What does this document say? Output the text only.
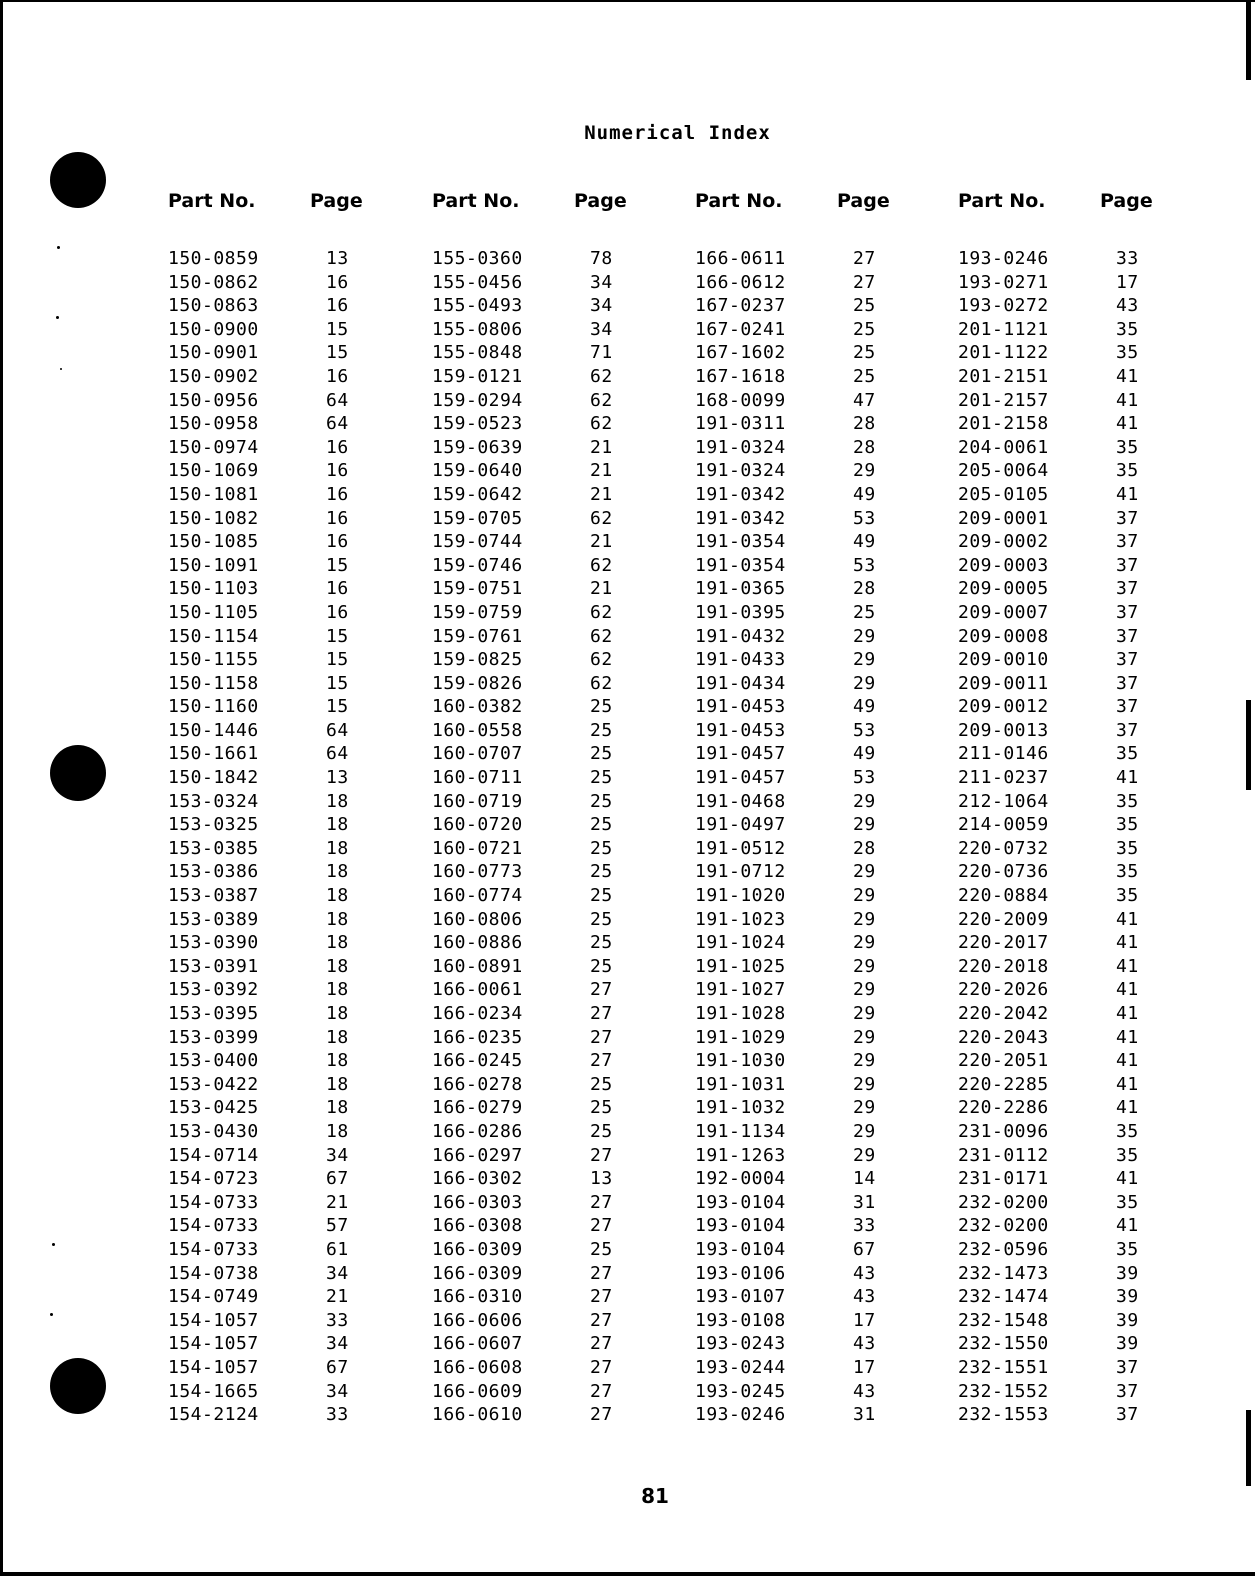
Numerical Index
Part No.	Page
150-0859	13
150-0862	16
150-0863	16
150-0900	15
150-0901	15
150-0902	16
150-0956	64
150-0958	64
150-0974	16
150-1069	16
150-1081	16
150-1082	16
150-1085	16
150-1091	15
150-1103	16
150-1105	16
150-1154	15
150-1155	15
150-1158	15
150-1160	15
150-1446	64
150-1661	64
150-1842	13
153-0324	18
153-0325	18
153-0385	18
153-0386	18
153-0387	18
153-0389	18
153-0390	18
153-0391	18
153-0392	18
153-0395	18
153-0399	18
153-0400	18
153-0422	18
153-0425	18
153-0430	18
154-0714	34
154-0723	67
154-0733	21
154-0733	57
154-0733	61
154-0738	34
154-0749	21
154-1057	33
154-1057	34
154-1057	67
154-1665	34
154-2124	33
Part No.	Page
155-0360	78
155-0456	34
155-0493	34
155-0806	34
155-0848	71
159-0121	62
159-0294	62
159-0523	62
159-0639	21
159-0640	21
159-0642	21
159-0705	62
159-0744	21
159-0746	62
159-0751	21
159-0759	62
159-0761	62
159-0825	62
159-0826	62
160-0382	25
160-0558	25
160-0707	25
160-0711	25
160-0719	25
160-0720	25
160-0721	25
160-0773	25
160-0774	25
160-0806	25
160-0886	25
160-0891	25
166-0061	27
166-0234	27
166-0235	27
166-0245	27
166-0278	25
166-0279	25
166-0286	25
166-0297	27
166-0302	13
166-0303	27
166-0308	27
166-0309	25
166-0309	27
166-0310	27
166-0606	27
166-0607	27
166-0608	27
166-0609	27
166-0610	27
Part No.	Page
166-0611	27
166-0612	27
167-0237	25
167-0241	25
167-1602	25
167-1618	25
168-0099	47
191-0311	28
191-0324	28
191-0324	29
191-0342	49
191-0342	53
191-0354	49
191-0354	53
191-0365	28
191-0395	25
191-0432	29
191-0433	29
191-0434	29
191-0453	49
191-0453	53
191-0457	49
191-0457	53
191-0468	29
191-0497	29
191-0512	28
191-0712	29
191-1020	29
191-1023	29
191-1024	29
191-1025	29
191-1027	29
191-1028	29
191-1029	29
191-1030	29
191-1031	29
191-1032	29
191-1134	29
191-1263	29
192-0004	14
193-0104	31
193-0104	33
193-0104	67
193-0106	43
193-0107	43
193-0108	17
193-0243	43
193-0244	17
193-0245	43
193-0246	31
Part No.	Page
193-0246	33
193-0271	17
193-0272	43
201-1121	35
201-1122	35
201-2151	41
201-2157	41
201-2158	41
204-0061	35
205-0064	35
205-0105	41
209-0001	37
209-0002	37
209-0003	37
209-0005	37
209-0007	37
209-0008	37
209-0010	37
209-0011	37
209-0012	37
209-0013	37
211-0146	35
211-0237	41
212-1064	35
214-0059	35
220-0732	35
220-0736	35
220-0884	35
220-2009	41
220-2017	41
220-2018	41
220-2026	41
220-2042	41
220-2043	41
220-2051	41
220-2285	41
220-2286	41
231-0096	35
231-0112	35
231-0171	41
232-0200	35
232-0200	41
232-0596	35
232-1473	39
232-1474	39
232-1548	39
232-1550	39
232-1551	37
232-1552	37
232-1553	37
81
